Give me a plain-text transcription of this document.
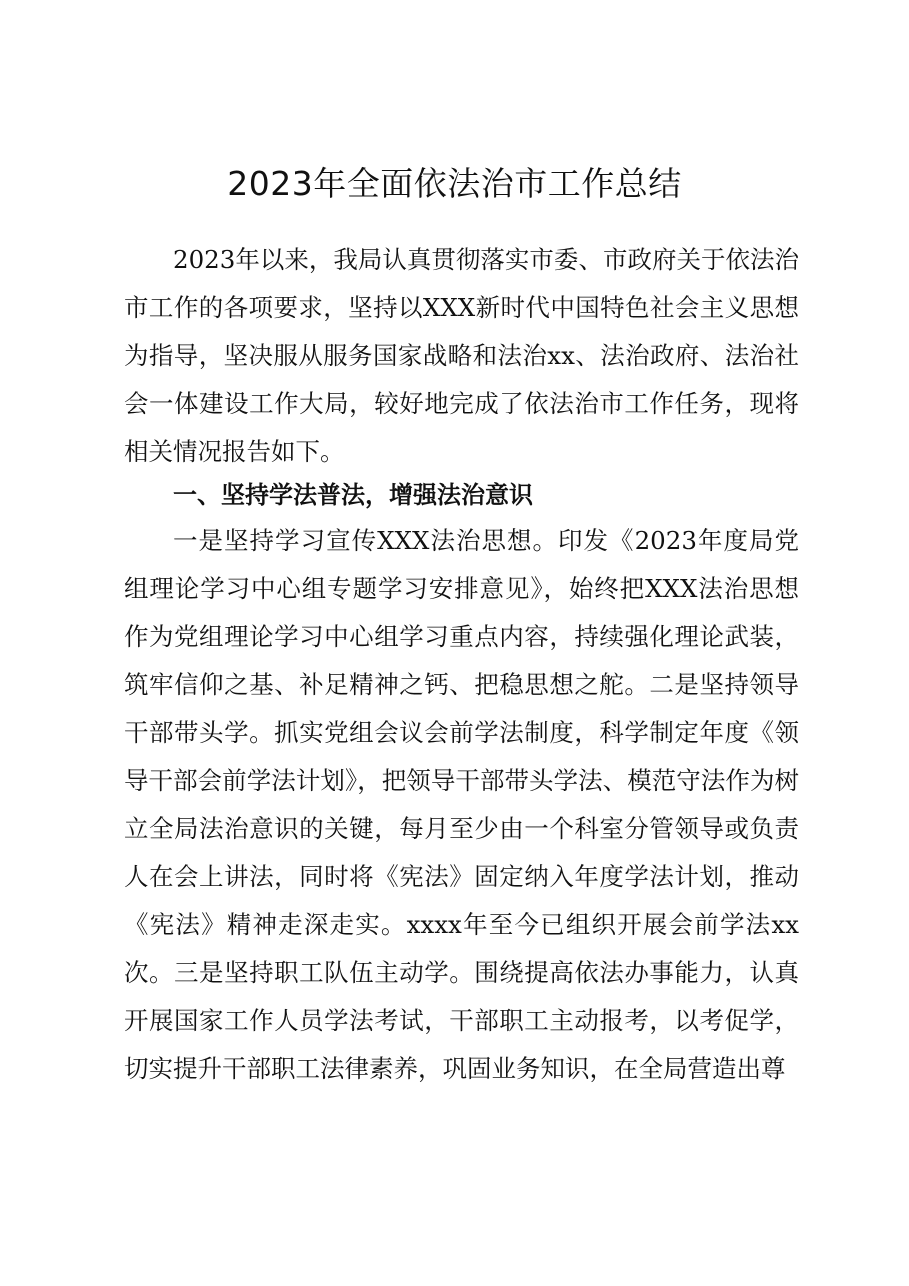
2023年全面依法治市工作总结

2023年以来，我局认真贯彻落实市委、市政府关于依法治市工作的各项要求，坚持以XXX新时代中国特色社会主义思想为指导，坚决服从服务国家战略和法治xx、法治政府、法治社会一体建设工作大局，较好地完成了依法治市工作任务，现将相关情况报告如下。

一、坚持学法普法，增强法治意识

一是坚持学习宣传XXX法治思想。印发《2023年度局党组理论学习中心组专题学习安排意见》，始终把XXX法治思想作为党组理论学习中心组学习重点内容，持续强化理论武装，筑牢信仰之基、补足精神之钙、把稳思想之舵。二是坚持领导干部带头学。抓实党组会议会前学法制度，科学制定年度《领导干部会前学法计划》，把领导干部带头学法、模范守法作为树立全局法治意识的关键，每月至少由一个科室分管领导或负责人在会上讲法，同时将《宪法》固定纳入年度学法计划，推动《宪法》精神走深走实。xxxx年至今已组织开展会前学法xx次。三是坚持职工队伍主动学。围绕提高依法办事能力，认真开展国家工作人员学法考试，干部职工主动报考，以考促学，切实提升干部职工法律素养，巩固业务知识，在全局营造出尊
